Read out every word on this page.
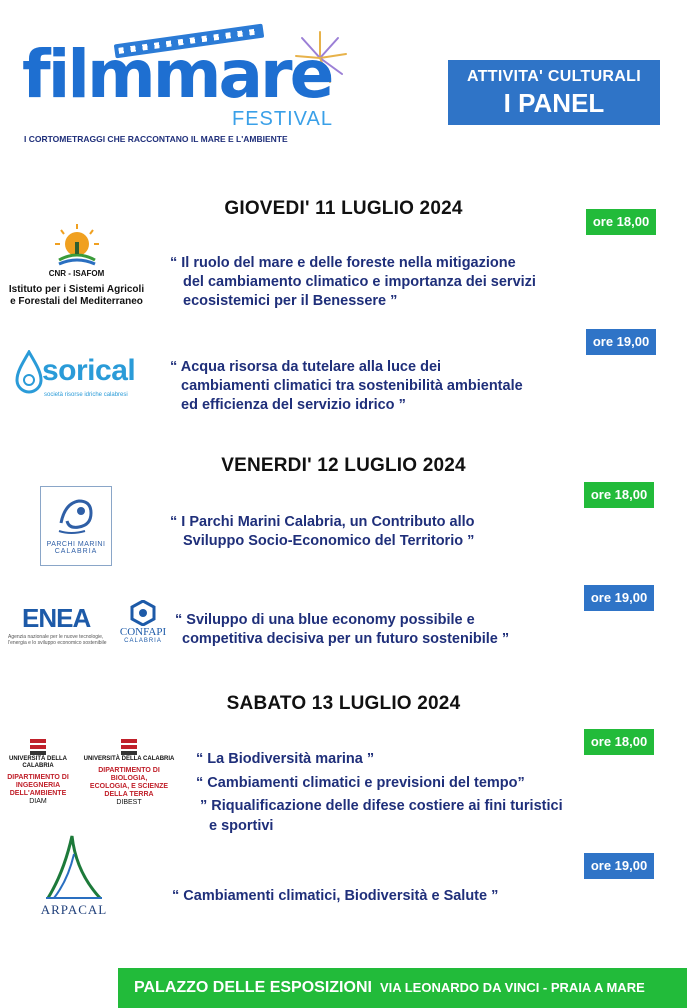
filmmare
FESTIVAL
I CORTOMETRAGGI CHE RACCONTANO IL MARE E L'AMBIENTE
ATTIVITA' CULTURALI
I PANEL
GIOVEDI' 11 LUGLIO 2024
ore 18,00
“ Il ruolo del mare e delle foreste nella mitigazione
del cambiamento climatico e importanza dei servizi
ecosistemici per il Benessere ”
CNR - ISAFOM
Istituto per i Sistemi Agricoli
e Forestali del Mediterraneo
ore 19,00
“ Acqua risorsa da tutelare alla luce dei
cambiamenti climatici tra sostenibilità ambientale
ed efficienza del servizio idrico ”
sorical
società risorse idriche calabresi
VENERDI' 12 LUGLIO 2024
ore 18,00
“ I Parchi Marini Calabria, un Contributo allo
Sviluppo Socio-Economico del Territorio ”
PARCHI MARINI
CALABRIA
ore 19,00
“ Sviluppo di una blue economy possibile e
competitiva decisiva per un futuro sostenibile ”
ENEA
Agenzia nazionale per le nuove tecnologie, l'energia e lo sviluppo economico sostenibile
CONFAPI
CALABRIA
SABATO 13 LUGLIO 2024
ore 18,00
“ La Biodiversità marina ”
“ Cambiamenti climatici e previsioni del tempo”
” Riqualificazione delle difese costiere ai fini turistici
e sportivi
UNIVERSITÀ DELLA CALABRIA
DIPARTIMENTO DI
INGEGNERIA
DELL'AMBIENTE
DIAM
UNIVERSITÀ DELLA CALABRIA
DIPARTIMENTO DI BIOLOGIA,
ECOLOGIA, E SCIENZE
DELLA TERRA
DIBEST
ore 19,00
“ Cambiamenti climatici, Biodiversità e Salute ”
ARPACAL
PALAZZO DELLE ESPOSIZIONI VIA LEONARDO DA VINCI - PRAIA A MARE
